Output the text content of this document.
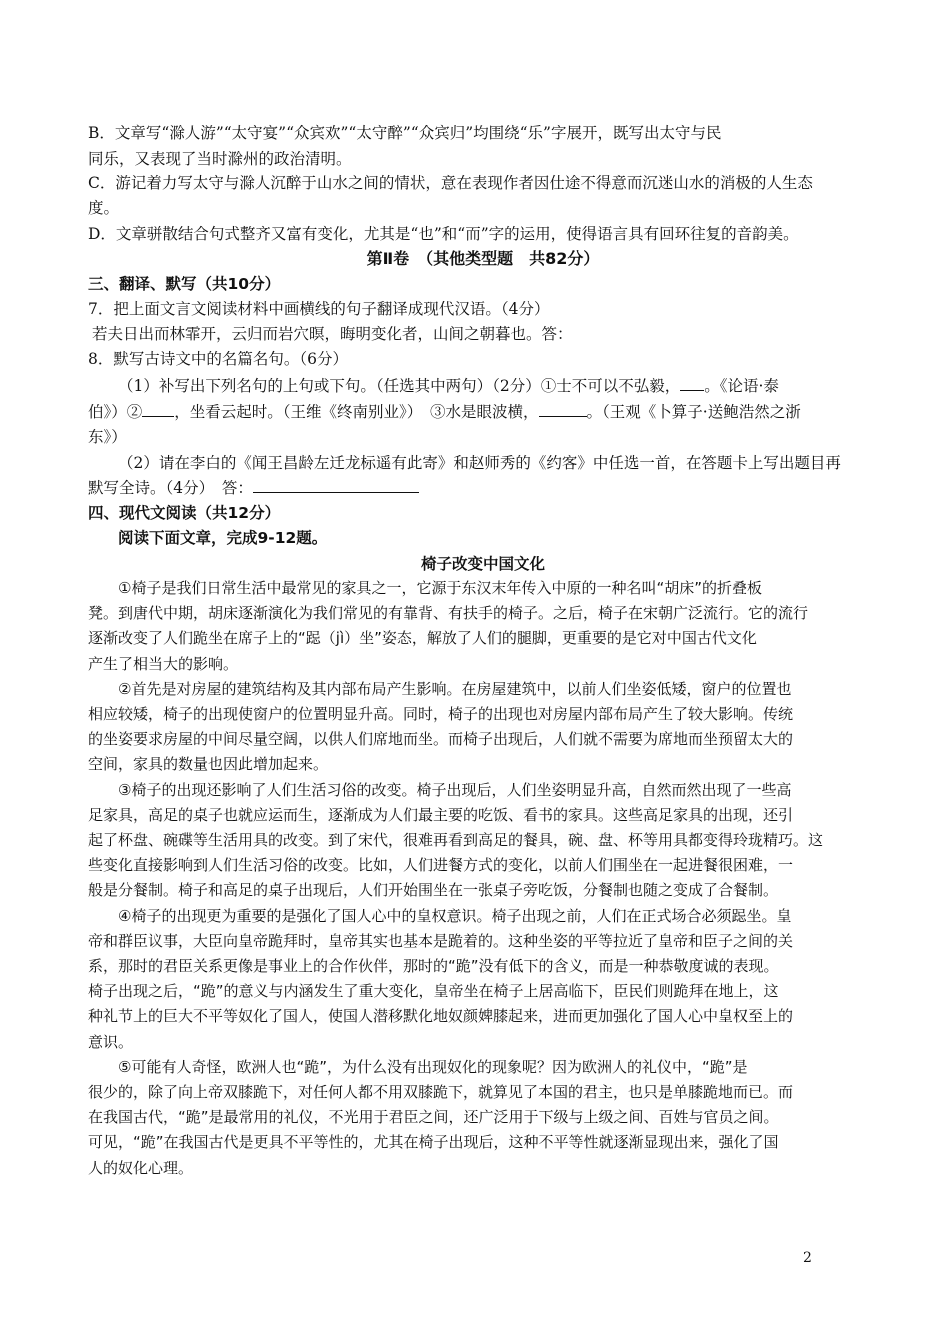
B．文章写“滁人游”“太守宴”“众宾欢”“太守醉”“众宾归”均围绕“乐”字展开，既写出太守与民
同乐，又表现了当时滁州的政治清明。
C．游记着力写太守与滁人沉醉于山水之间的情状，意在表现作者因仕途不得意而沉迷山水的消极的人生态
度。
D．文章骈散结合句式整齐又富有变化，尤其是“也”和“而”字的运用，使得语言具有回环往复的音韵美。
第Ⅱ卷　（其他类型题　共82分）
三、翻译、默写（共10分）
7．把上面文言文阅读材料中画横线的句子翻译成现代汉语。（4分）
若夫日出而林霏开，云归而岩穴暝，晦明变化者，山间之朝暮也。答：
8．默写古诗文中的名篇名句。（6分）
（1）补写出下列名句的上句或下句。（任选其中两句）（2分）①士不可以不弘毅， 。《论语·泰
伯》）② ，坐看云起时。（王维《终南别业》）　③水是眼波横，	。（王观《卜算子·送鲍浩然之浙
东》）
（2）请在李白的《闻王昌龄左迁龙标遥有此寄》和赵师秀的《约客》中任选一首，在答题卡上写出题目再
默写全诗。（4分）　答：
四、现代文阅读（共12分）
阅读下面文章，完成9-12题。
椅子改变中国文化
①椅子是我们日常生活中最常见的家具之一，它源于东汉末年传入中原的一种名叫“胡床”的折叠板
凳。到唐代中期，胡床逐渐演化为我们常见的有靠背、有扶手的椅子。之后，椅子在宋朝广泛流行。它的流行
逐渐改变了人们跪坐在席子上的“跽（jì）坐”姿态，解放了人们的腿脚，更重要的是它对中国古代文化
产生了相当大的影响。
②首先是对房屋的建筑结构及其内部布局产生影响。在房屋建筑中，以前人们坐姿低矮，窗户的位置也
相应较矮，椅子的出现使窗户的位置明显升高。同时，椅子的出现也对房屋内部布局产生了较大影响。传统
的坐姿要求房屋的中间尽量空阔，以供人们席地而坐。而椅子出现后，人们就不需要为席地而坐预留太大的
空间，家具的数量也因此增加起来。
③椅子的出现还影响了人们生活习俗的改变。椅子出现后，人们坐姿明显升高，自然而然出现了一些高
足家具，高足的桌子也就应运而生，逐渐成为人们最主要的吃饭、看书的家具。这些高足家具的出现，还引
起了杯盘、碗碟等生活用具的改变。到了宋代，很难再看到高足的餐具，碗、盘、杯等用具都变得玲珑精巧。这
些变化直接影响到人们生活习俗的改变。比如，人们进餐方式的变化，以前人们围坐在一起进餐很困难，一
般是分餐制。椅子和高足的桌子出现后，人们开始围坐在一张桌子旁吃饭，分餐制也随之变成了合餐制。
④椅子的出现更为重要的是强化了国人心中的皇权意识。椅子出现之前，人们在正式场合必须跽坐。皇
帝和群臣议事，大臣向皇帝跪拜时，皇帝其实也基本是跪着的。这种坐姿的平等拉近了皇帝和臣子之间的关
系，那时的君臣关系更像是事业上的合作伙伴，那时的“跪”没有低下的含义，而是一种恭敬度诚的表现。
椅子出现之后，“跪”的意义与内涵发生了重大变化，皇帝坐在椅子上居高临下，臣民们则跪拜在地上，这
种礼节上的巨大不平等奴化了国人，使国人潜移默化地奴颜婢膝起来，进而更加强化了国人心中皇权至上的
意识。
⑤可能有人奇怪，欧洲人也“跪”，为什么没有出现奴化的现象呢？因为欧洲人的礼仪中，“跪”是
很少的，除了向上帝双膝跪下，对任何人都不用双膝跪下，就算见了本国的君主，也只是单膝跪地而已。而
在我国古代，“跪”是最常用的礼仪，不光用于君臣之间，还广泛用于下级与上级之间、百姓与官员之间。
可见，“跪”在我国古代是更具不平等性的，尤其在椅子出现后，这种不平等性就逐渐显现出来，强化了国
人的奴化心理。
2
